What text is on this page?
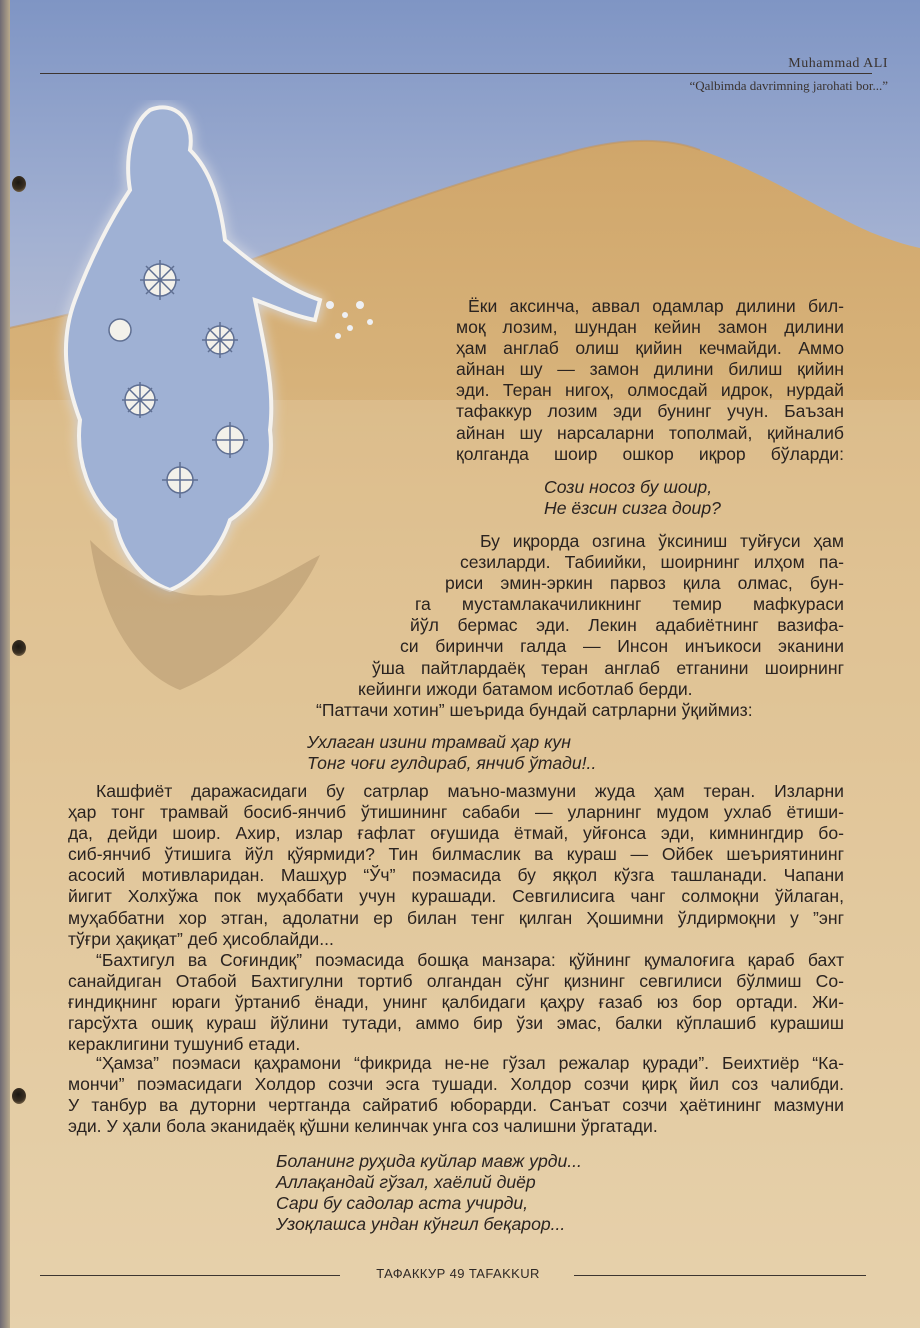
Muhammad ALI
“Qalbimda davrimning jarohati bor...”

Ёки аксинча, аввал одамлар дилини бил-
моқ лозим, шундан кейин замон дилини
ҳам англаб олиш қийин кечмайди. Аммо
айнан шу — замон дилини билиш қийин
эди. Теран нигоҳ, олмосдай идрок, нурдай
тафаккур лозим эди бунинг учун. Баъзан
айнан шу нарсаларни тополмай, қийналиб
қолганда шоир ошкор иқрор бўларди:

Сози носоз бу шоир,
Не ёзсин сизга доир?
Бу иқрорда озгина ўксиниш туйғуси ҳам
сезиларди. Табиийки, шоирнинг илҳом па-
риси эмин-эркин парвоз қила олмас, бун-
га мустамлакачиликнинг темир мафкураси
йўл бермас эди. Лекин адабиётнинг вазифа-
си биринчи галда — Инсон инъикоси эканини
ўша пайтлардаёқ теран англаб етганини шоирнинг
кейинги ижоди батамом исботлаб берди.
“Паттачи хотин” шеърида бундай сатрларни ўқиймиз:
Ухлаган изини трамвай ҳар кун
Тонг чоғи гулдираб, янчиб ўтади!..
Кашфиёт даражасидаги бу сатрлар маъно-мазмуни жуда ҳам теран. Изларни
ҳар тонг трамвай босиб-янчиб ўтишининг сабаби — уларнинг мудом ухлаб ётиши-
да, дейди шоир. Ахир, излар ғафлат оғушида ётмай, уйғонса эди, кимнингдир бо-
сиб-янчиб ўтишига йўл қўярмиди? Тин билмаслик ва кураш — Ойбек шеъриятининг
асосий мотивларидан. Машҳур “Ўч” поэмасида бу яққол кўзга ташланади. Чапани
йигит Холхўжа пок муҳаббати учун курашади. Севгилисига чанг солмоқни ўйлаган,
муҳаббатни хор этган, адолатни ер билан тенг қилган Ҳошимни ўлдирмоқни у ”энг
тўғри ҳақиқат” деб ҳисоблайди...
“Бахтигул ва Соғиндиқ” поэмасида бошқа манзара: қўйнинг қумалоғига қараб бахт
санайдиган Отабой Бахтигулни тортиб олгандан сўнг қизнинг севгилиси бўлмиш Со-
ғиндиқнинг юраги ўртаниб ёнади, унинг қалбидаги қаҳру ғазаб юз бор ортади. Жи-
гарсўхта ошиқ кураш йўлини тутади, аммо бир ўзи эмас, балки кўплашиб курашиш
кераклигини тушуниб етади.
“Ҳамза” поэмаси қаҳрамони “фикрида не-не гўзал режалар қуради”. Беихтиёр “Ка-
мончи” поэмасидаги Холдор созчи эсга тушади. Холдор созчи қирқ йил соз чалибди.
У танбур ва дуторни чертганда сайратиб юборарди. Санъат созчи ҳаётининг мазмуни
эди. У ҳали бола эканидаёқ қўшни келинчак унга соз чалишни ўргатади.
Боланинг руҳида куйлар мавж урди...
Аллақандай гўзал, хаёлий диёр
Сари бу садолар аста учирди,
Узоқлашса ундан кўнгил беқарор...
ТАФАККУР 49 TAFAKKUR
